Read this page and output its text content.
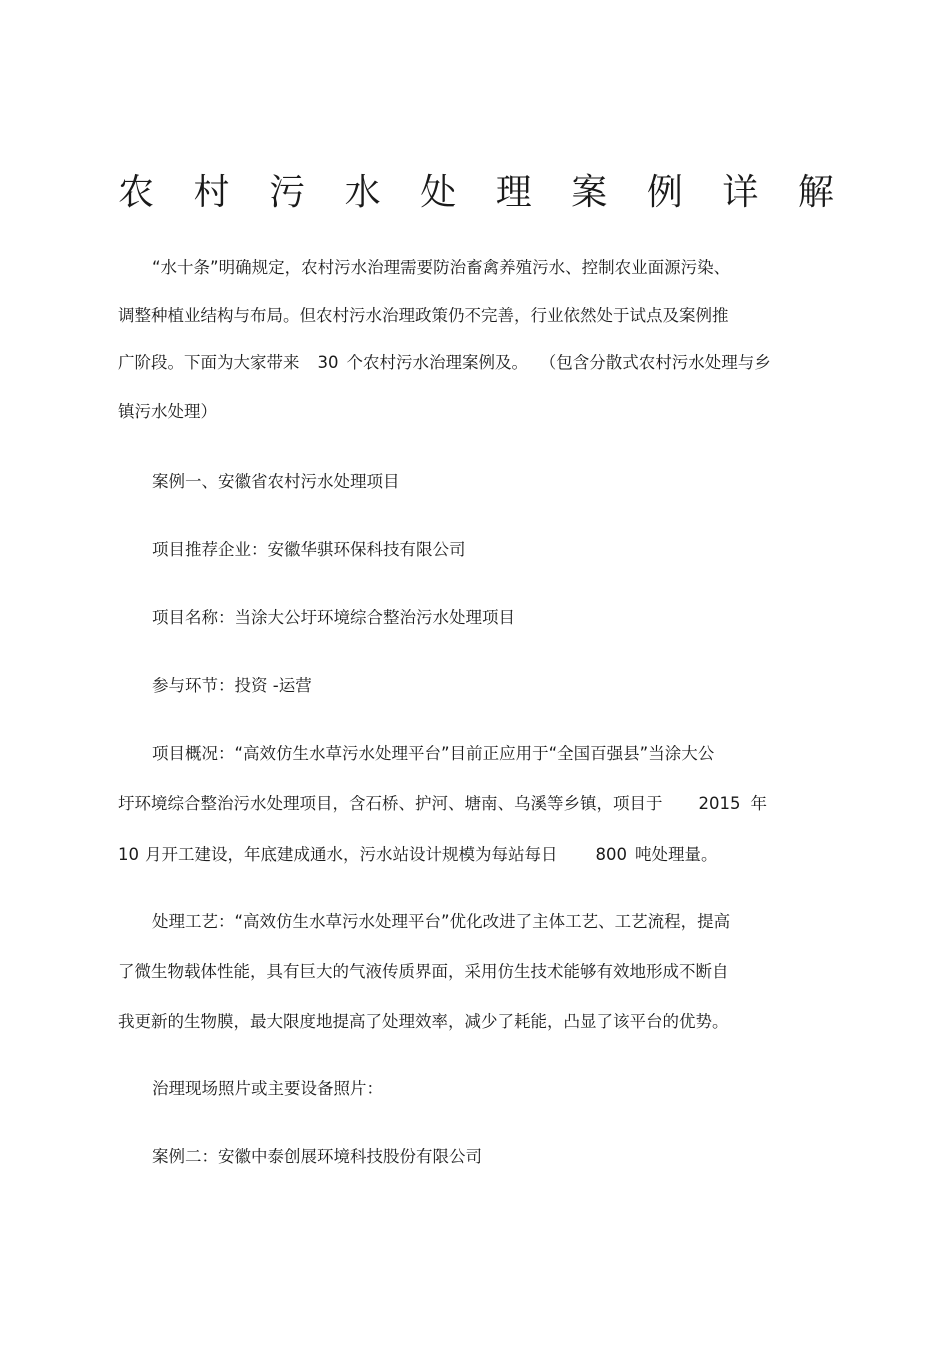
农 村 污 水 处 理 案 例 详 解

“水十条”明确规定，农村污水治理需要防治畜禽养殖污水、控制农业面源污染、

调整种植业结构与布局。但农村污水治理政策仍不完善，行业依然处于试点及案例推

广阶段。下面为大家带来 30 个农村污水治理案例及。 （包含分散式农村污水处理与乡

镇污水处理）

案例一、安徽省农村污水处理项目

项目推荐企业：安徽华骐环保科技有限公司

项目名称：当涂大公圩环境综合整治污水处理项目

参与环节：投资 -运营

项目概况：“高效仿生水草污水处理平台”目前正应用于“全国百强县”当涂大公

圩环境综合整治污水处理项目，含石桥、护河、塘南、乌溪等乡镇，项目于 2015 年

10 月开工建设，年底建成通水，污水站设计规模为每站每日 800 吨处理量。

处理工艺：“高效仿生水草污水处理平台”优化改进了主体工艺、工艺流程，提高

了微生物载体性能，具有巨大的气液传质界面，采用仿生技术能够有效地形成不断自

我更新的生物膜，最大限度地提高了处理效率，减少了耗能，凸显了该平台的优势。

治理现场照片或主要设备照片：

案例二：安徽中泰创展环境科技股份有限公司
